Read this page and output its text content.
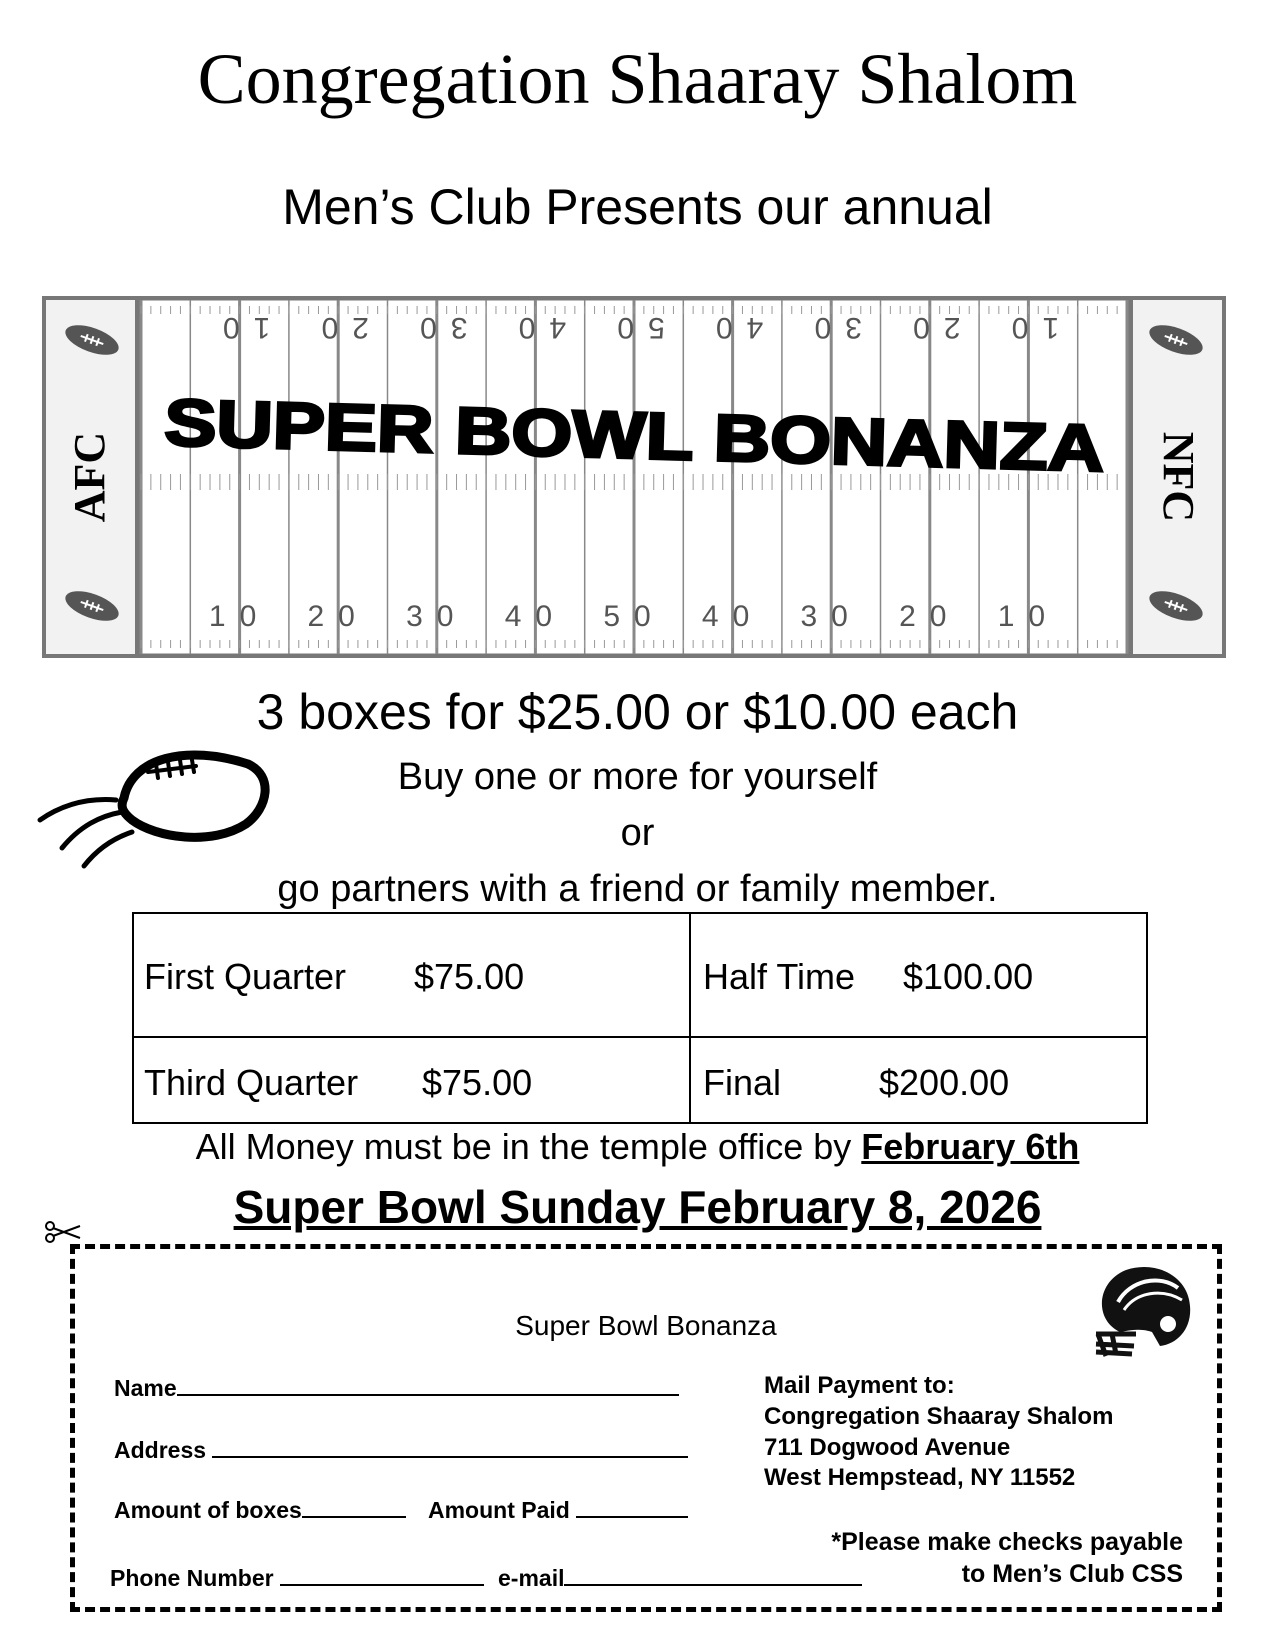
Congregation Shaaray Shalom
Men’s Club Presents our annual
10 20 30 40 50 40 30 20 10
10 20 30 40 50 40 30 20 10
AFC	NFC
SUPER BOWL BONANZA
3 boxes for $25.00 or $10.00 each
Buy one or more for yourself
or
go partners with a friend or family member.
First Quarter $75.00	Half Time $100.00
Third Quarter $75.00	Final	$200.00
All Money must be in the temple office by February 6th
Super Bowl Sunday February 8, 2026
Super Bowl Bonanza
Name
Address
Amount of boxes	Amount Paid
Phone Number	e-mail
Mail Payment to:
Congregation Shaaray Shalom
711 Dogwood Avenue
West Hempstead, NY 11552
*Please make checks payable
to Men’s Club CSS
